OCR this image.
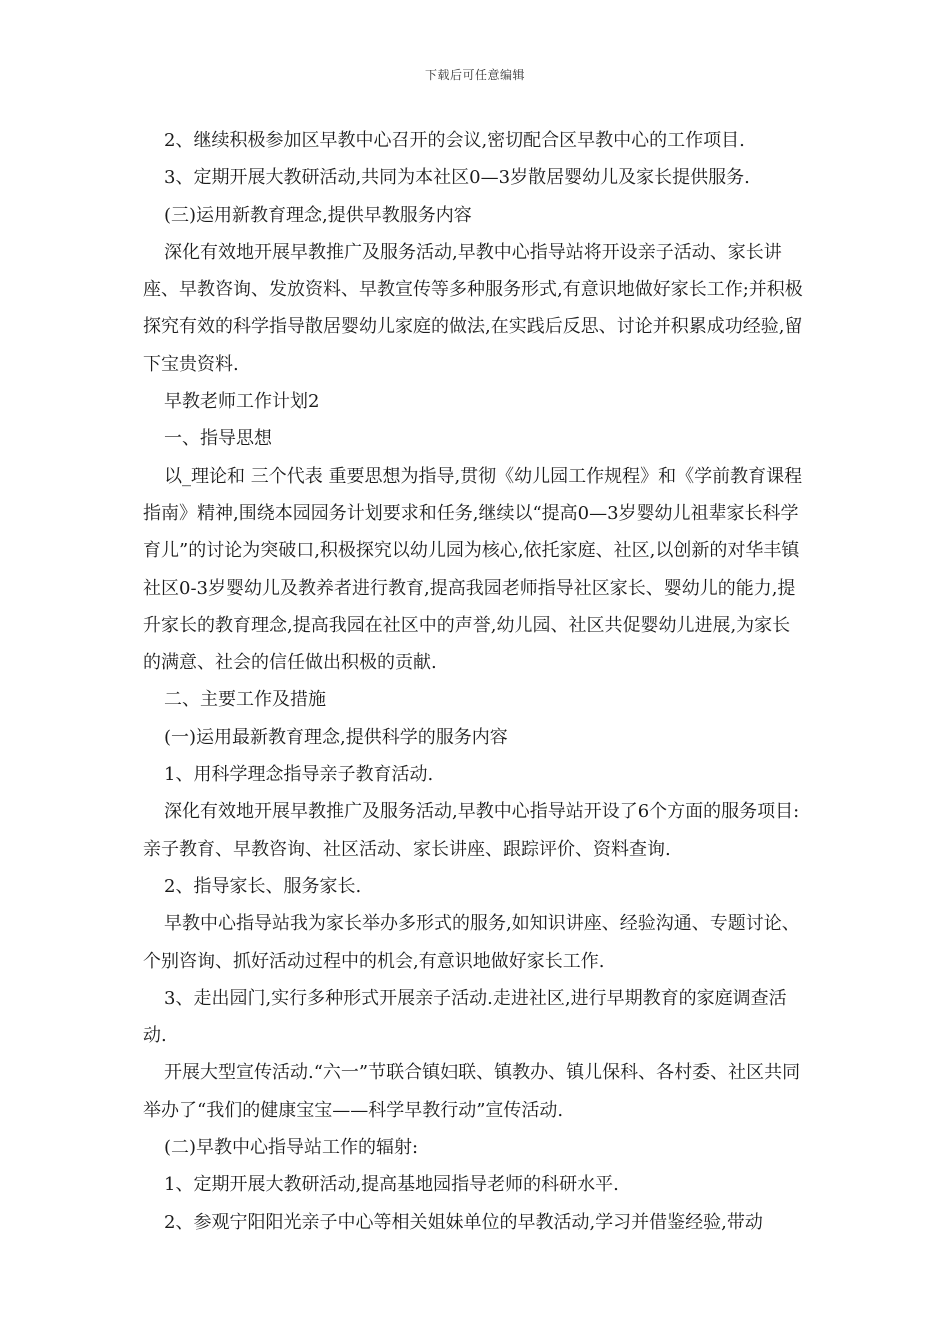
下载后可任意编辑

2、继续积极参加区早教中心召开的会议,密切配合区早教中心的工作项目.

3、定期开展大教研活动,共同为本社区0—3岁散居婴幼儿及家长提供服务.

(三)运用新教育理念,提供早教服务内容

深化有效地开展早教推广及服务活动,早教中心指导站将开设亲子活动、家长讲座、早教咨询、发放资料、早教宣传等多种服务形式,有意识地做好家长工作;并积极探究有效的科学指导散居婴幼儿家庭的做法,在实践后反思、讨论并积累成功经验,留下宝贵资料.

早教老师工作计划2

一、指导思想

以_理论和 三个代表 重要思想为指导,贯彻《幼儿园工作规程》和《学前教育课程指南》精神,围绕本园园务计划要求和任务,继续以“提高0—3岁婴幼儿祖辈家长科学育儿”的讨论为突破口,积极探究以幼儿园为核心,依托家庭、社区,以创新的对华丰镇社区0-3岁婴幼儿及教养者进行教育,提高我园老师指导社区家长、婴幼儿的能力,提升家长的教育理念,提高我园在社区中的声誉,幼儿园、社区共促婴幼儿进展,为家长的满意、社会的信任做出积极的贡献.

二、主要工作及措施

(一)运用最新教育理念,提供科学的服务内容

1、用科学理念指导亲子教育活动.

深化有效地开展早教推广及服务活动,早教中心指导站开设了6个方面的服务项目:亲子教育、早教咨询、社区活动、家长讲座、跟踪评价、资料查询.

2、指导家长、服务家长.

早教中心指导站我为家长举办多形式的服务,如知识讲座、经验沟通、专题讨论、个别咨询、抓好活动过程中的机会,有意识地做好家长工作.

3、走出园门,实行多种形式开展亲子活动.走进社区,进行早期教育的家庭调查活动.

开展大型宣传活动.“六一”节联合镇妇联、镇教办、镇儿保科、各村委、社区共同举办了“我们的健康宝宝——科学早教行动”宣传活动.

(二)早教中心指导站工作的辐射:

1、定期开展大教研活动,提高基地园指导老师的科研水平.

2、参观宁阳阳光亲子中心等相关姐妹单位的早教活动,学习并借鉴经验,带动
